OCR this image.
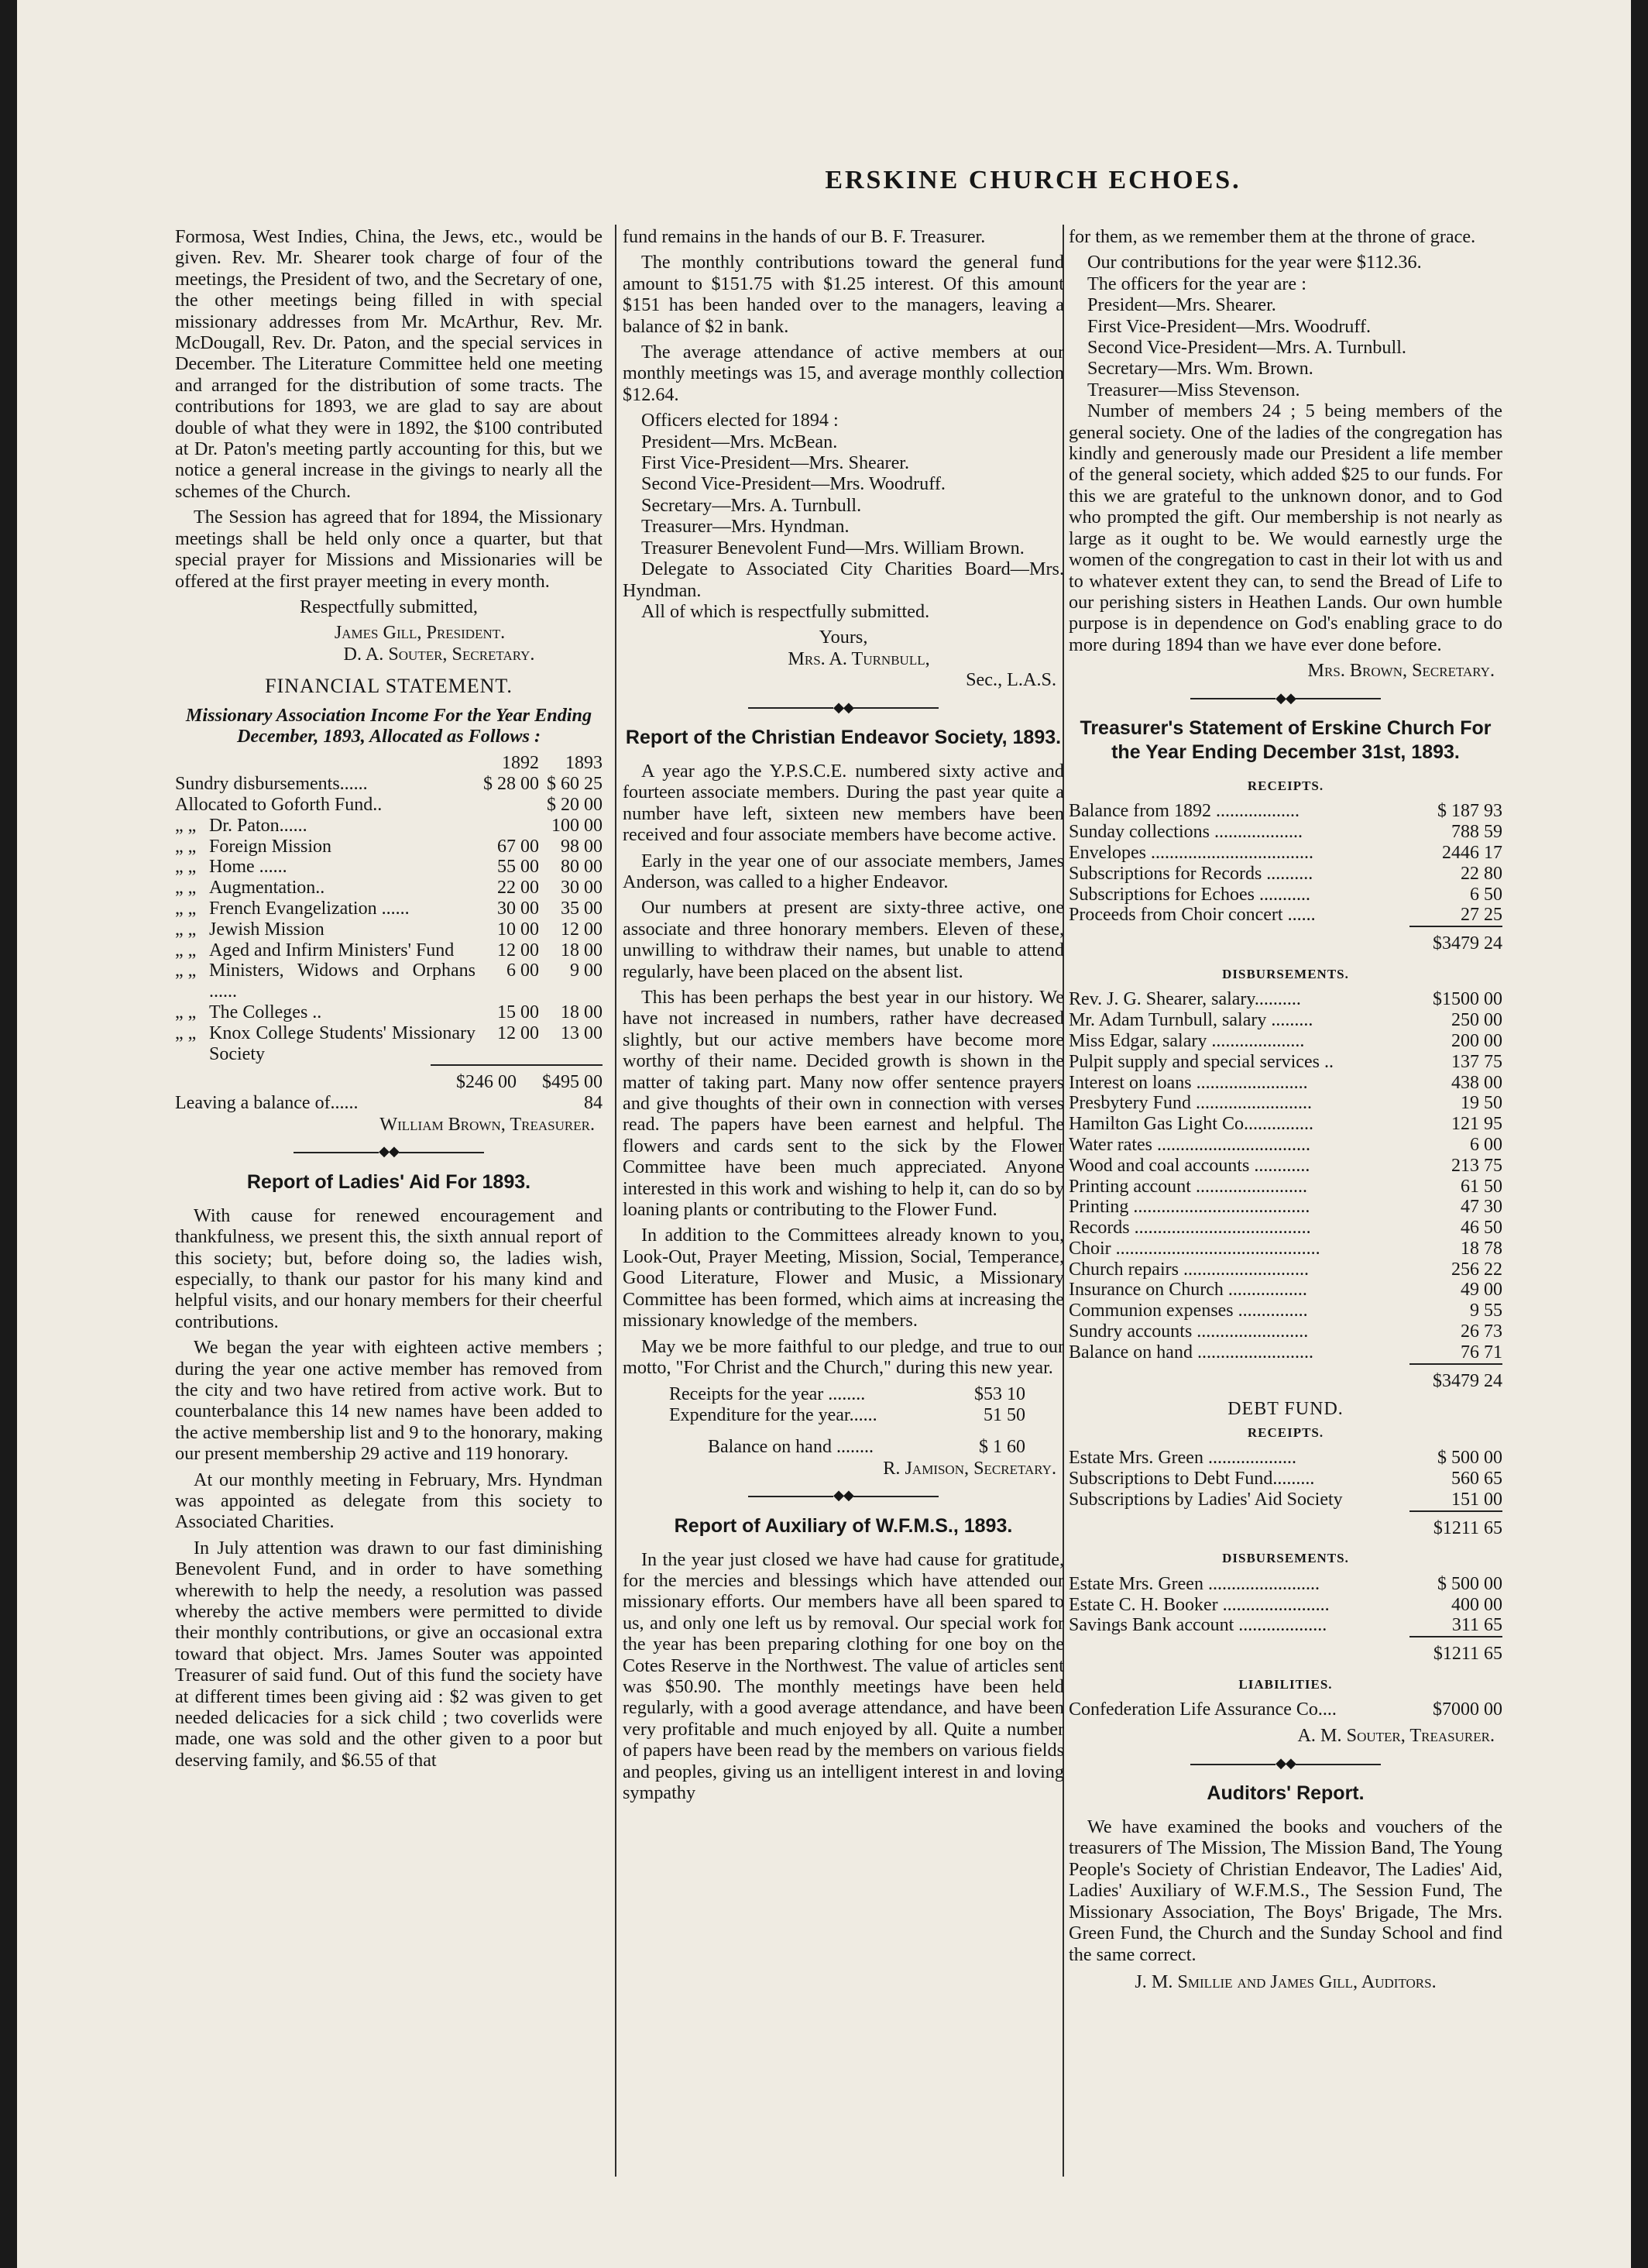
ERSKINE CHURCH ECHOES.

Formosa, West Indies, China, the Jews, etc., would be given. Rev. Mr. Shearer took charge of four of the meetings, the President of two, and the Secretary of one, the other meetings being filled in with special missionary addresses from Mr. McArthur, Rev. Mr. McDougall, Rev. Dr. Paton, and the special services in December. The Literature Committee held one meeting and arranged for the distribution of some tracts. The contributions for 1893, we are glad to say are about double of what they were in 1892, the $100 contributed at Dr. Paton's meeting partly accounting for this, but we notice a general increase in the givings to nearly all the schemes of the Church.

The Session has agreed that for 1894, the Missionary meetings shall be held only once a quarter, but that special prayer for Missions and Missionaries will be offered at the first prayer meeting in every month.

Respectfully submitted,

James Gill, President.

D. A. Souter, Secretary.

FINANCIAL STATEMENT.

Missionary Association Income For the Year Ending December, 1893, Allocated as Follows :

		1892	1893
Sundry disbursements......		$ 28 00	$ 60 25
Allocated to Goforth Fund..			$ 20 00
„ „	Dr. Paton......		100 00
„ „	Foreign Mission	67 00	98 00
„ „	Home ......	55 00	80 00
„ „	Augmentation..	22 00	30 00
„ „	French Evangelization ......	30 00	35 00
„ „	Jewish Mission	10 00	12 00
„ „	Aged and Infirm Ministers' Fund	12 00	18 00
„ „	Ministers, Widows and Orphans ......	6 00	9 00
„ „	The Colleges ..	15 00	18 00
„ „	Knox College Students' Missionary Society	12 00	13 00
		$246 00	$495 00
	Leaving a balance of......		84

William Brown, Treasurer.

◆◆
Report of Ladies' Aid For 1893.

With cause for renewed encouragement and thankfulness, we present this, the sixth annual report of this society; but, before doing so, the ladies wish, especially, to thank our pastor for his many kind and helpful visits, and our honary members for their cheerful contributions.

We began the year with eighteen active members ; during the year one active member has removed from the city and two have retired from active work. But to counterbalance this 14 new names have been added to the active membership list and 9 to the honorary, making our present membership 29 active and 119 honorary.

At our monthly meeting in February, Mrs. Hyndman was appointed as delegate from this society to Associated Charities.

In July attention was drawn to our fast diminishing Benevolent Fund, and in order to have something wherewith to help the needy, a resolution was passed whereby the active members were permitted to divide their monthly contributions, or give an occasional extra toward that object. Mrs. James Souter was appointed Treasurer of said fund. Out of this fund the society have at different times been giving aid : $2 was given to get needed delicacies for a sick child ; two coverlids were made, one was sold and the other given to a poor but deserving family, and $6.55 of that

fund remains in the hands of our B. F. Treasurer.

The monthly contributions toward the general fund amount to $151.75 with $1.25 interest. Of this amount $151 has been handed over to the managers, leaving a balance of $2 in bank.

The average attendance of active members at our monthly meetings was 15, and average monthly collection $12.64.

Officers elected for 1894 :

President—Mrs. McBean.

First Vice-President—Mrs. Shearer.

Second Vice-President—Mrs. Woodruff.

Secretary—Mrs. A. Turnbull.

Treasurer—Mrs. Hyndman.

Treasurer Benevolent Fund—Mrs. William Brown.

Delegate to Associated City Charities Board—Mrs. Hyndman.

All of which is respectfully submitted.

Yours,

Mrs. A. Turnbull,

Sec., L.A.S.

◆◆
Report of the Christian Endeavor Society, 1893.

A year ago the Y.P.S.C.E. numbered sixty active and fourteen associate members. During the past year quite a number have left, sixteen new members have been received and four associate members have become active.

Early in the year one of our associate members, James Anderson, was called to a higher Endeavor.

Our numbers at present are sixty-three active, one associate and three honorary members. Eleven of these, unwilling to withdraw their names, but unable to attend regularly, have been placed on the absent list.

This has been perhaps the best year in our history. We have not increased in numbers, rather have decreased slightly, but our active members have become more worthy of their name. Decided growth is shown in the matter of taking part. Many now offer sentence prayers and give thoughts of their own in connection with verses read. The papers have been earnest and helpful. The flowers and cards sent to the sick by the Flower Committee have been much appreciated. Anyone interested in this work and wishing to help it, can do so by loaning plants or contributing to the Flower Fund.

In addition to the Committees already known to you, Look-Out, Prayer Meeting, Mission, Social, Temperance, Good Literature, Flower and Music, a Missionary Committee has been formed, which aims at increasing the missionary knowledge of the members.

May we be more faithful to our pledge, and true to our motto, "For Christ and the Church," during this new year.

Receipts for the year ........	$53 10
Expenditure for the year......	51 50
Balance on hand ........	$ 1 60

R. Jamison, Secretary.

◆◆
Report of Auxiliary of W.F.M.S., 1893.

In the year just closed we have had cause for gratitude, for the mercies and blessings which have attended our missionary efforts. Our members have all been spared to us, and only one left us by removal. Our special work for the year has been preparing clothing for one boy on the Cotes Reserve in the Northwest. The value of articles sent was $50.90. The monthly meetings have been held regularly, with a good average attendance, and have been very profitable and much enjoyed by all. Quite a number of papers have been read by the members on various fields and peoples, giving us an intelligent interest in and loving sympathy

for them, as we remember them at the throne of grace.

Our contributions for the year were $112.36.

The officers for the year are :

President—Mrs. Shearer.

First Vice-President—Mrs. Woodruff.

Second Vice-President—Mrs. A. Turnbull.

Secretary—Mrs. Wm. Brown.

Treasurer—Miss Stevenson.

Number of members 24 ; 5 being members of the general society. One of the ladies of the congregation has kindly and generously made our President a life member of the general society, which added $25 to our funds. For this we are grateful to the unknown donor, and to God who prompted the gift. Our membership is not nearly as large as it ought to be. We would earnestly urge the women of the congregation to cast in their lot with us and to whatever extent they can, to send the Bread of Life to our perishing sisters in Heathen Lands. Our own humble purpose is in dependence on God's enabling grace to do more during 1894 than we have ever done before.

Mrs. Brown, Secretary.

◆◆
Treasurer's Statement of Erskine Church For the Year Ending December 31st, 1893.
RECEIPTS.
Balance from 1892 ..................	$ 187 93
Sunday collections ...................	788 59
Envelopes ...................................	2446 17
Subscriptions for Records ..........	22 80
Subscriptions for Echoes ...........	6 50
Proceeds from Choir concert ......	27 25
	$3479 24
DISBURSEMENTS.
Rev. J. G. Shearer, salary..........	$1500 00
Mr. Adam Turnbull, salary .........	250 00
Miss Edgar, salary ....................	200 00
Pulpit supply and special services ..	137 75
Interest on loans ........................	438 00
Presbytery Fund .........................	19 50
Hamilton Gas Light Co...............	121 95
Water rates .................................	6 00
Wood and coal accounts ............	213 75
Printing account ........................	61 50
Printing ......................................	47 30
Records ......................................	46 50
Choir ............................................	18 78
Church repairs ...........................	256 22
Insurance on Church .................	49 00
Communion expenses ...............	9 55
Sundry accounts ........................	26 73
Balance on hand .........................	76 71
	$3479 24
DEBT FUND.
RECEIPTS.
Estate Mrs. Green ...................	$ 500 00
Subscriptions to Debt Fund.........	560 65
Subscriptions by Ladies' Aid Society	151 00
	$1211 65
DISBURSEMENTS.
Estate Mrs. Green ........................	$ 500 00
Estate C. H. Booker .......................	400 00
Savings Bank account ...................	311 65
	$1211 65
LIABILITIES.
Confederation Life Assurance Co....	$7000 00

A. M. Souter, Treasurer.

◆◆
Auditors' Report.

We have examined the books and vouchers of the treasurers of The Mission, The Mission Band, The Young People's Society of Christian Endeavor, The Ladies' Aid, Ladies' Auxiliary of W.F.M.S., The Session Fund, The Missionary Association, The Boys' Brigade, The Mrs. Green Fund, the Church and the Sunday School and find the same correct.

J. M. Smillie and James Gill, Auditors.
